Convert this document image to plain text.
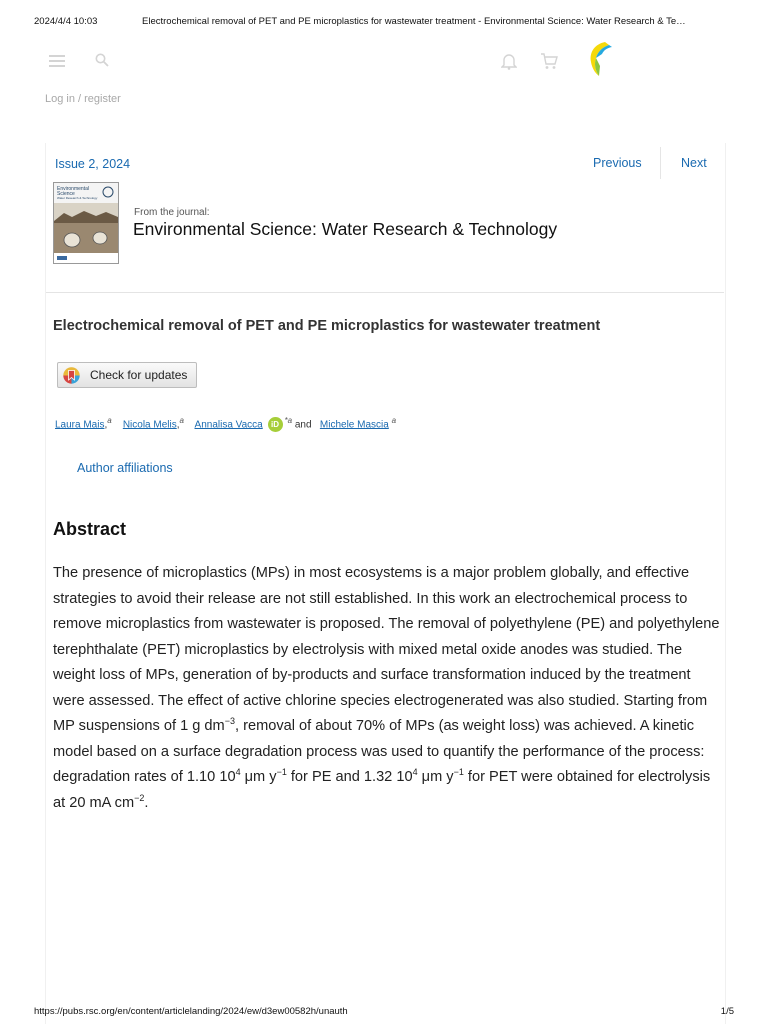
2024/4/4 10:03	Electrochemical removal of PET and PE microplastics for wastewater treatment - Environmental Science: Water Research & Te…
Log in / register
Issue 2, 2024	Previous	Next
Environmental
Science
Water Research & Technology
From the journal:
Environmental Science: Water Research & Technology
Electrochemical removal of PET and PE microplastics for wastewater treatment
Check for updates
Laura Mais,$^a$ Nicola Melis,$^a$ Annalisa Vacca iD $^{*a}$ and Michele Mascia $^a$
Author affiliations
Abstract

The presence of microplastics (MPs) in most ecosystems is a major problem globally, and effective strategies to avoid their release are not still established. In this work an electrochemical process to remove microplastics from wastewater is proposed. The removal of polyethylene (PE) and polyethylene terephthalate (PET) microplastics by electrolysis with mixed metal oxide anodes was studied. The weight loss of MPs, generation of by-products and surface transformation induced by the treatment were assessed. The effect of active chlorine species electrogenerated was also studied. Starting from MP suspensions of 1 g $dm^{-3}$, removal of about 70% of MPs (as weight loss) was achieved. A kinetic model based on a surface degradation process was used to quantify the performance of the process: degradation rates of 1.10 $10^4$ μm $y^{-1}$ for PE and 1.32 $10^4$ μm $y^{-1}$ for PET were obtained for electrolysis at 20 mA $cm^{-2}$.

https://pubs.rsc.org/en/content/articlelanding/2024/ew/d3ew00582h/unauth	1/5
